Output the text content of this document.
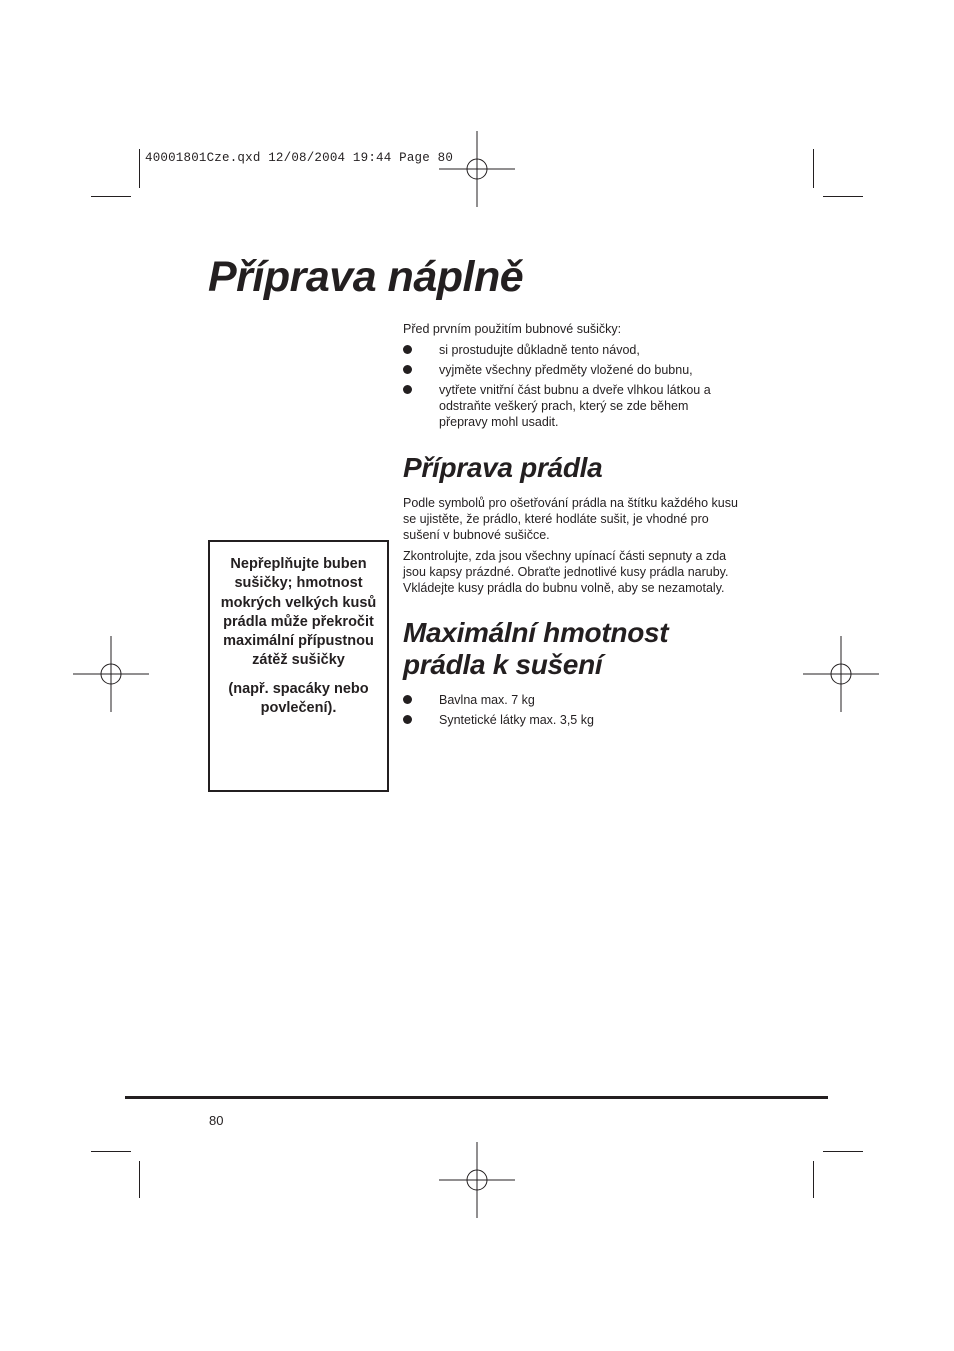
40001801Cze.qxd 12/08/2004 19:44 Page 80
Příprava náplně

Před prvním použitím bubnové sušičky:

si prostudujte důkladně tento návod,
vyjměte všechny předměty vložené do bubnu,
vytřete vnitřní část bubnu a dveře vlhkou látkou a odstraňte veškerý prach, který se zde během přepravy mohl usadit.
Příprava prádla

Podle symbolů pro ošetřování prádla na štítku každého kusu se ujistěte, že prádlo, které hodláte sušit, je vhodné pro sušení v bubnové sušičce.

Zkontrolujte, zda jsou všechny upínací části sepnuty a zda jsou kapsy prázdné. Obraťte jednotlivé kusy prádla naruby. Vkládejte kusy prádla do bubnu volně, aby se nezamotaly.

Maximální hmotnost
prádla k sušení
Bavlna max. 7 kg
Syntetické látky max. 3,5 kg

Nepřeplňujte buben sušičky; hmotnost mokrých velkých kusů prádla může překročit maximální přípustnou zátěž sušičky

(např. spacáky nebo povlečení).

80
